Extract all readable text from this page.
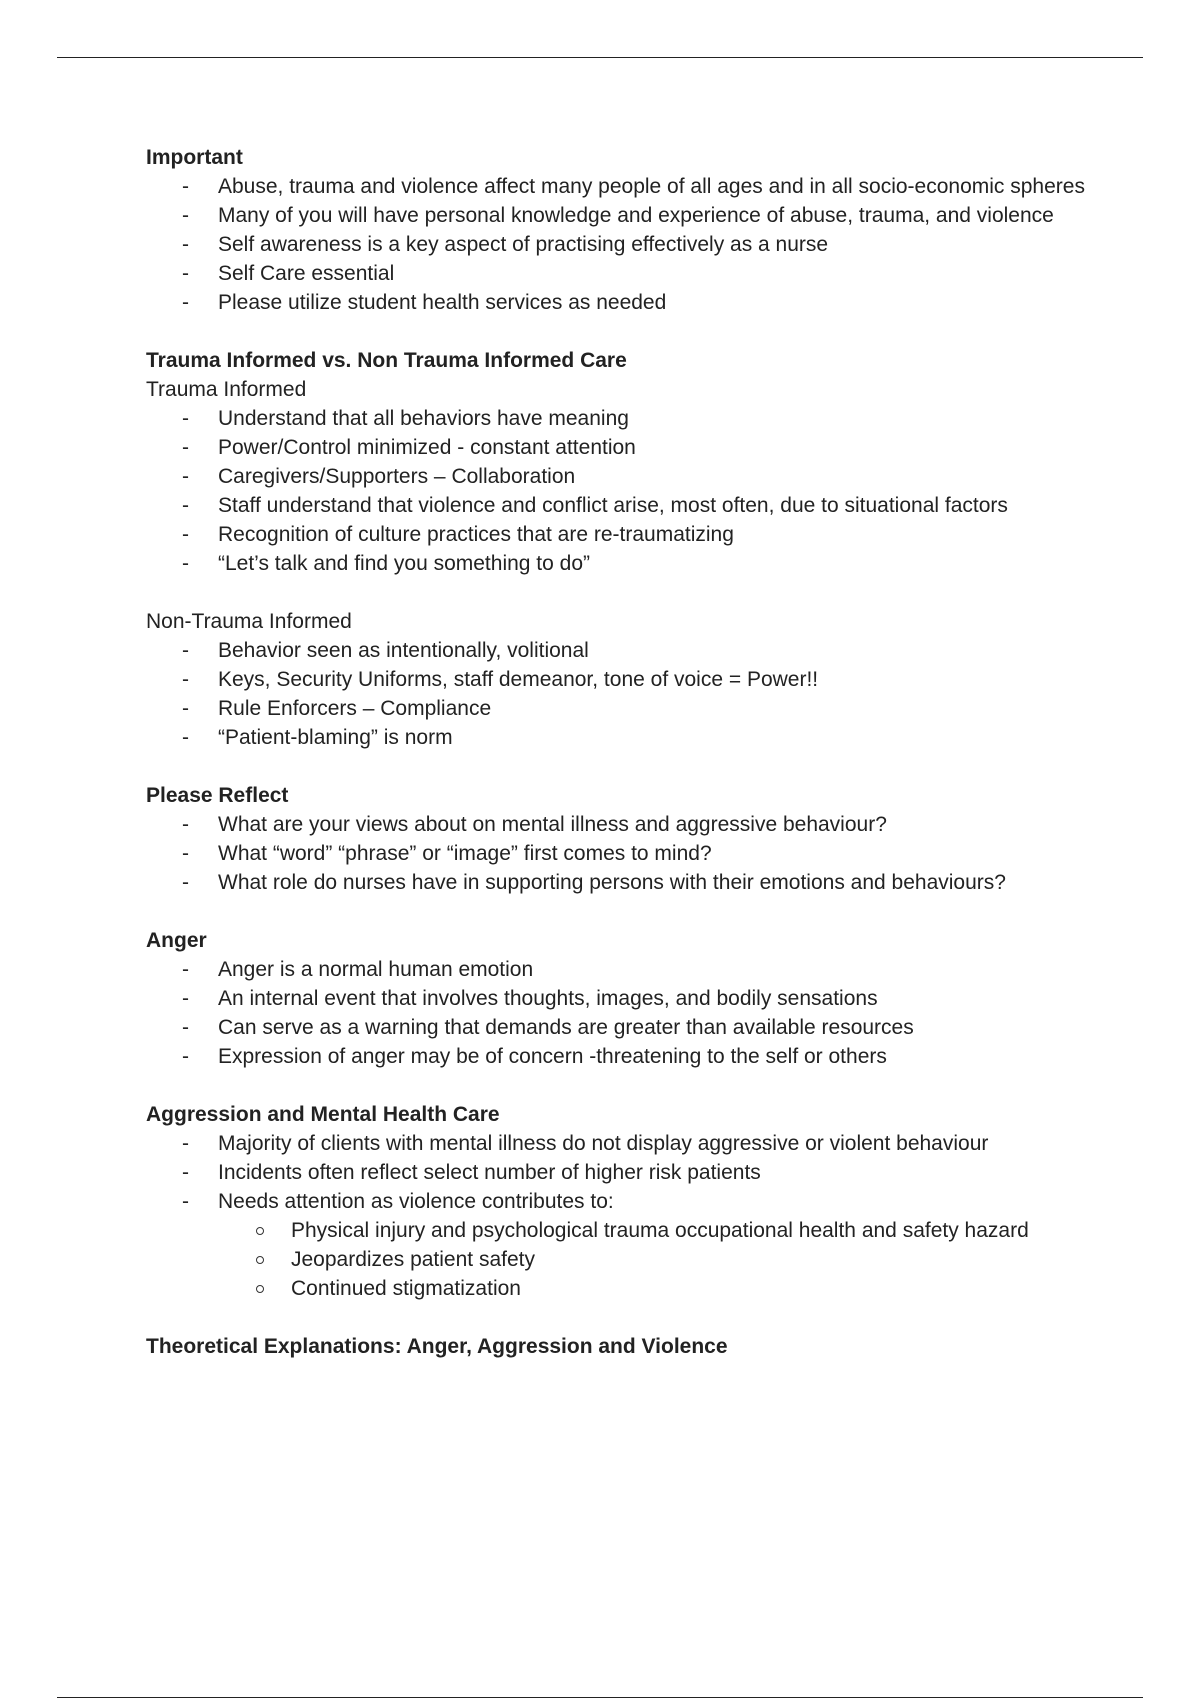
Important
- Abuse, trauma and violence affect many people of all ages and in all socio-economic spheres
- Many of you will have personal knowledge and experience of abuse, trauma, and violence
- Self awareness is a key aspect of practising effectively as a nurse
- Self Care essential
- Please utilize student health services as needed
Trauma Informed vs. Non Trauma Informed Care
Trauma Informed
- Understand that all behaviors have meaning
- Power/Control minimized - constant attention
- Caregivers/Supporters – Collaboration
- Staff understand that violence and conflict arise, most often, due to situational factors
- Recognition of culture practices that are re-traumatizing
- “Let’s talk and find you something to do”
Non-Trauma Informed
- Behavior seen as intentionally, volitional
- Keys, Security Uniforms, staff demeanor, tone of voice = Power!!
- Rule Enforcers – Compliance
- “Patient-blaming” is norm
Please Reflect
- What are your views about on mental illness and aggressive behaviour?
- What “word” “phrase” or “image” first comes to mind?
- What role do nurses have in supporting persons with their emotions and behaviours?
Anger
- Anger is a normal human emotion
- An internal event that involves thoughts, images, and bodily sensations
- Can serve as a warning that demands are greater than available resources
- Expression of anger may be of concern -threatening to the self or others
Aggression and Mental Health Care
- Majority of clients with mental illness do not display aggressive or violent behaviour
- Incidents often reflect select number of higher risk patients
- Needs attention as violence contributes to:
Physical injury and psychological trauma occupational health and safety hazard
Jeopardizes patient safety
Continued stigmatization
Theoretical Explanations: Anger, Aggression and Violence
